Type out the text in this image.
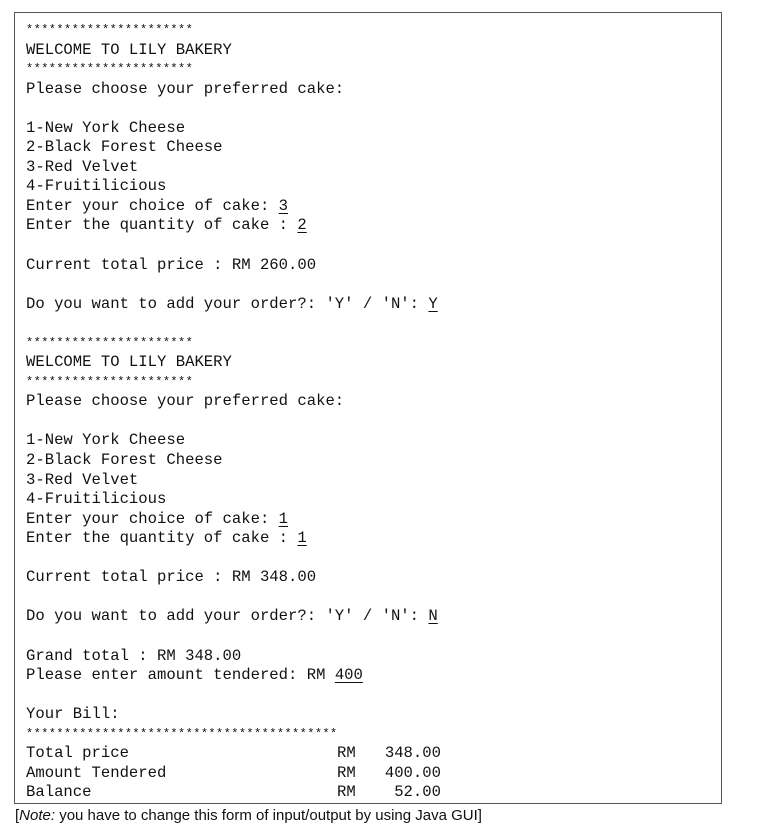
**********************
WELCOME TO LILY BAKERY
**********************
Please choose your preferred cake:
1-New York Cheese
2-Black Forest Cheese
3-Red Velvet
4-Fruitilicious
Enter your choice of cake: 3
Enter the quantity of cake : 2
Current total price : RM 260.00
Do you want to add your order?: 'Y' / 'N': Y
**********************
WELCOME TO LILY BAKERY
**********************
Please choose your preferred cake:
1-New York Cheese
2-Black Forest Cheese
3-Red Velvet
4-Fruitilicious
Enter your choice of cake: 1
Enter the quantity of cake : 1
Current total price : RM 348.00
Do you want to add your order?: 'Y' / 'N': N
Grand total : RM 348.00
Please enter amount tendered: RM 400
Your Bill:
*****************************************
Total price	RM	348.00
Amount Tendered	RM	400.00
Balance	RM	52.00
[Note: you have to change this form of input/output by using Java GUI]
